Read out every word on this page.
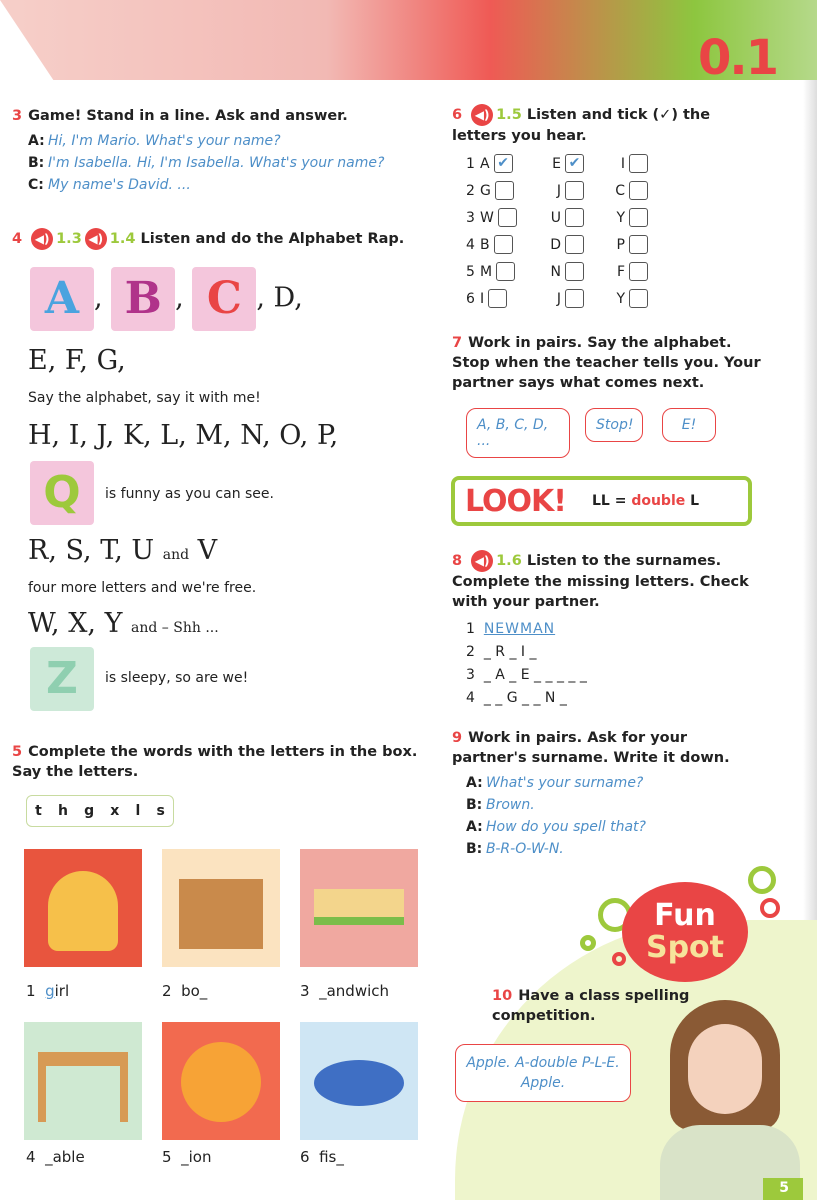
0.1
3 Game! Stand in a line. Ask and answer.
A: Hi, I'm Mario. What's your name?
B: I'm Isabella. Hi, I'm Isabella. What's your name?
C: My name's David. ...
4 ◀) 1.3 ◀) 1.4 Listen and do the Alphabet Rap.
A , B , C , D,
E, F, G,
Say the alphabet, say it with me!
H, I, J, K, L, M, N, O, P,
Q	is funny as you can see.
R, S, T, U and V
four more letters and we're free.
W, X, Y and – Shh ...
Z	is sleepy, so are we!
5 Complete the words with the letters in the box. Say the letters.
t h g x l s
1 girl	2 bo_	3 _andwich
4 _able	5 _ion	6 fis_
6 ◀) 1.5 Listen and tick (✓) the letters you hear.
1 A ✔	E ✔	I
2 G	J	C
3 W	U	Y
4 B	D	P
5 M	N	F
6 I	J	Y
7 Work in pairs. Say the alphabet. Stop when the teacher tells you. Your partner says what comes next.
A, B, C, D, ...
Stop!	E!
LOOK! LL = double L
8 ◀) 1.6 Listen to the surnames. Complete the missing letters. Check with your partner.
1 NEWMAN
2 _ R _ I _
3 _ A _ E _ _ _ _ _
4 _ _ G _ _ N _
9 Work in pairs. Ask for your partner's surname. Write it down.
A: What's your surname?
B: Brown.
A: How do you spell that?
B: B-R-O-W-N.
Fun
Spot
10 Have a class spelling competition.
Apple. A-double P-L-E. Apple.
5
